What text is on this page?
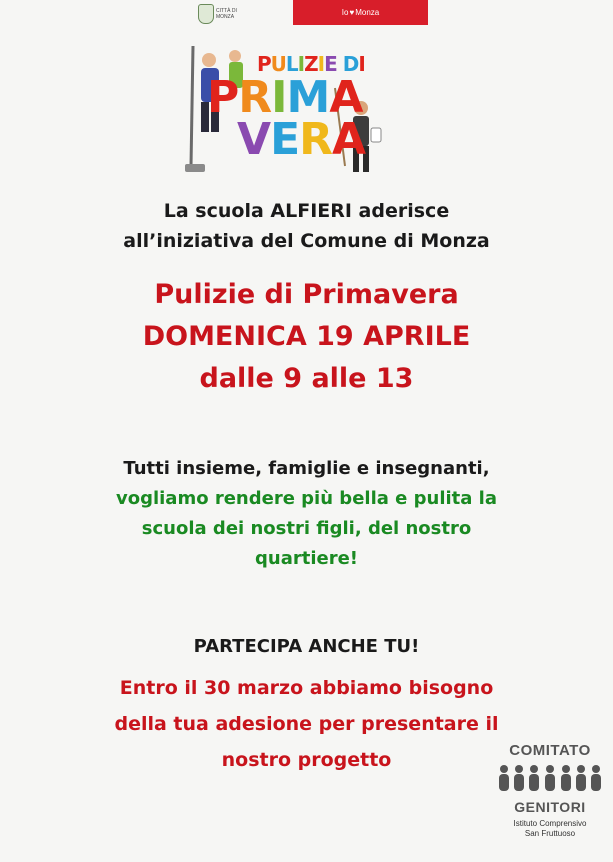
CITTÀ DI MONZA	Io ♥ Monza
PULIZIE DI
PRIMA
VERA
La scuola ALFIERI aderisce
all’iniziativa del Comune di Monza
Pulizie di Primavera
DOMENICA 19 APRILE
dalle 9 alle 13
Tutti insieme, famiglie e insegnanti,
vogliamo rendere più bella e pulita la
scuola dei nostri figli, del nostro
quartiere!
PARTECIPA ANCHE TU!
Entro il 30 marzo abbiamo bisogno
della tua adesione per presentare il
nostro progetto	COMITATO
GENITORI
Istituto Comprensivo
San Fruttuoso
